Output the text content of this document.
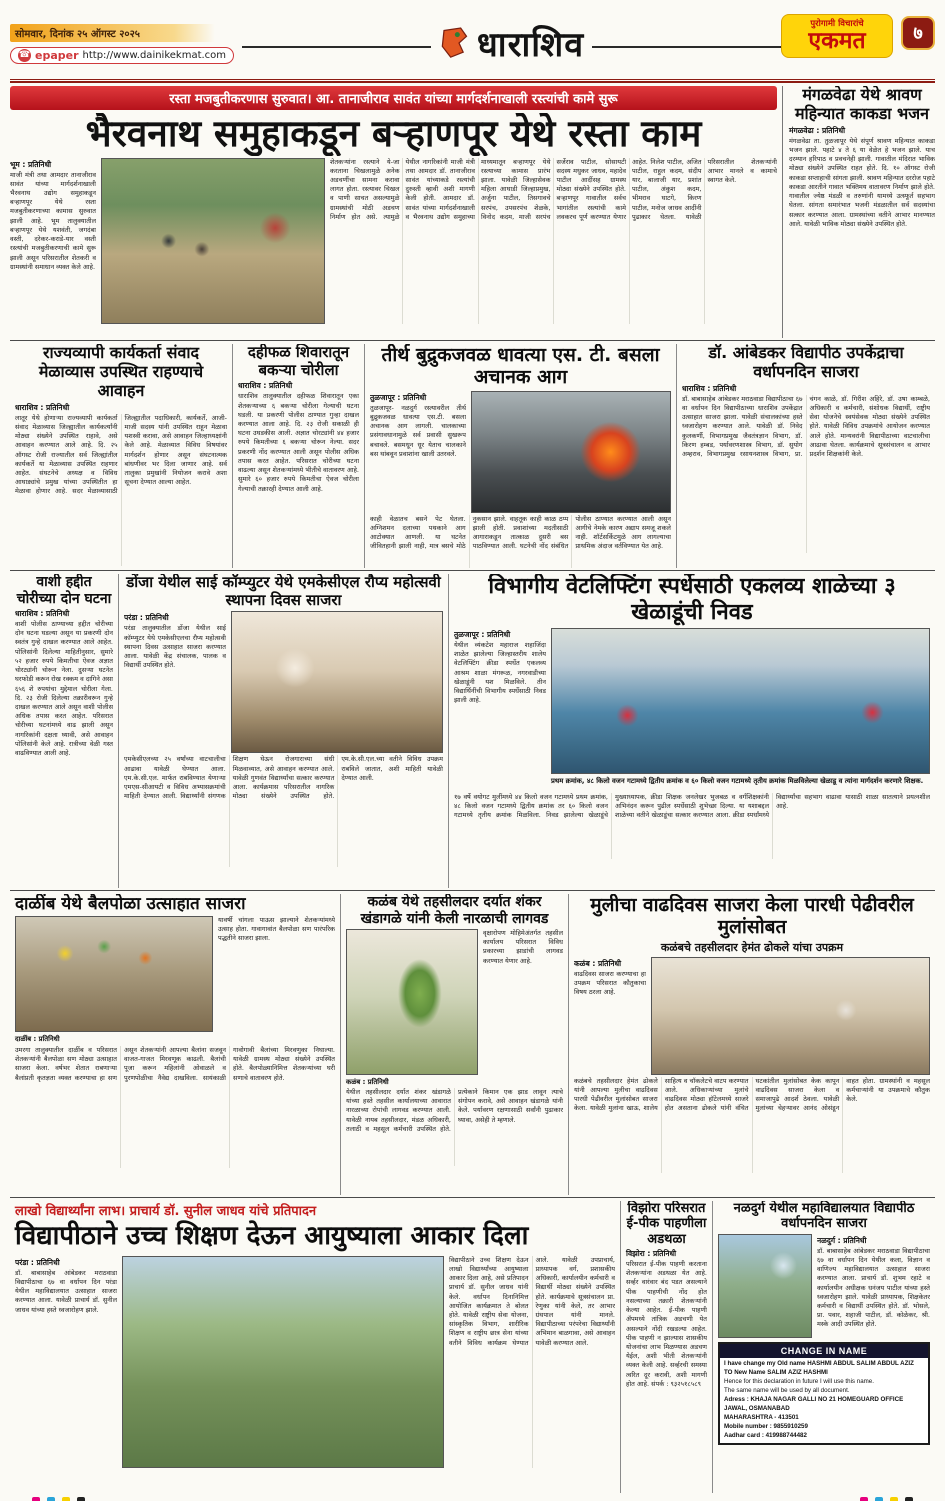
सोमवार, दिनांक २५ ऑगस्ट २०२५
☎ epaper http://www.dainikekmat.com	धाराशिव
पुरोगामी विचारांचे
एकमत	७
रस्ता मजबुतीकरणास सुरुवात। आ. तानाजीराव सावंत यांच्या मार्गदर्शनाखाली रस्त्यांची कामे सुरू
भैरवनाथ समुहाकडून बऱ्हाणपूर येथे रस्ता काम
भूम : प्रतिनिधी
माजी मंत्री तथा आमदार तानाजीराव सावंत यांच्या मार्गदर्शनाखाली भैरवनाथ उद्योग समुहाकडून बऱ्हाणपूर येथे रस्ता मजबुतीकरणाच्या कामास सुरुवात झाली आहे. भूम तालुक्यातील बऱ्हाणपूर येथे यशवंती, जगदंबा वस्ती, दरेकर-कराडे-यार वस्ती रस्त्यांची मजबुतीकरणाची कामे सुरू झाली असून परिसरातील शेतकरी व ग्रामस्थांनी समाधान व्यक्त केले आहे.
शेतकऱ्यांना रस्त्याने ये-जा करताना चिखलामुळे अनेक अडचणींचा सामना करावा लागत होता. रस्त्यावर चिखल व पाणी साचत असल्यामुळे ग्रामस्थांची मोठी अडचण निर्माण होत असे. त्यामुळे येथील नागरिकांनी माजी मंत्री तथा आमदार डॉ. तानाजीराव सावंत यांच्याकडे रस्त्यांची दुरुस्ती व्हावी अशी मागणी केली होती. आमदार डॉ. सावंत यांच्या मार्गदर्शनाखाली व भैरवनाथ उद्योग समुहाच्या माध्यमातून बऱ्हाणपूर येथे रस्त्याच्या कामास प्रारंभ झाला. यावेळी जिल्हासेवक महिला आघाडी जिल्हाप्रमुख, अर्जुना पाटील, तिसगावचे सरपंच, उपसरपंच शेळके, विनोद कदम, माजी सरपंच सर्जेराव पाटील, सोसायटी सदस्य मधुकर जाधव, महादेव पाटील आदींसह ग्रामस्थ मोठ्या संख्येने उपस्थित होते. बऱ्हाणपूर गावातील सर्वच भागांतील रस्त्यांची कामे लवकरच पूर्ण करण्यात येणार आहेत. निलेश पाटील, अजित पाटील, राहुल कदम, संदीप यार, बालाजी यार, प्रशांत पाटील, अंकुश कदम, भीमराव घाटगे, किरण पाटील, मनोज जाधव आदींनी पुढाकार घेतला. यावेळी परिसरातील शेतकऱ्यांनी आभार मानले व कामाचे स्वागत केले.
मंगळवेढा येथे श्रावण महिन्यात काकडा भजन
मंगळवेढा : प्रतिनिधी
मंगळवेढा ता. तुळजापूर येथे संपूर्ण श्रावण महिन्यात काकडा भजन झाले. पहाटे ४ ते ६ या वेळेत हे भजन झाले. याच दरम्यान हरिपाठ व प्रवचनेही झाली. गावातील मंदिरात भाविक मोठ्या संख्येने उपस्थित राहत होते. दि. १० ऑगस्ट रोजी काकडा सप्ताहाची सांगता झाली. श्रावण महिन्यात दररोज पहाटे काकडा आरतीने गावात भक्तिमय वातावरण निर्माण झाले होते. गावातील ज्येष्ठ मंडळी व तरुणांनी यामध्ये उत्स्फूर्त सहभाग घेतला. सांगता समारंभात भजनी मंडळातील सर्व सदस्यांचा सत्कार करण्यात आला. ग्रामस्थांच्या वतीने आभार मानण्यात आले. यावेळी भाविक मोठ्या संख्येने उपस्थित होते.
राज्यव्यापी कार्यकर्ता संवाद मेळाव्यास उपस्थित राहण्याचे आवाहन
धाराशिव : प्रतिनिधी
लातूर येथे होणाऱ्या राज्यव्यापी कार्यकर्ता संवाद मेळाव्यास जिल्ह्यातील कार्यकर्त्यांनी मोठ्या संख्येने उपस्थित राहावे, असे आवाहन करण्यात आले आहे. दि. २५ ऑगस्ट रोजी राज्यातील सर्व जिल्ह्यांतील कार्यकर्ते या मेळाव्यास उपस्थित राहणार आहेत. संघटनेचे अध्यक्ष व विविध आघाड्यांचे प्रमुख यांच्या उपस्थितीत हा मेळावा होणार आहे. सदर मेळाव्यासाठी जिल्ह्यातील पदाधिकारी, कार्यकर्ते, आजी-माजी सदस्य यांनी उपस्थित राहून मेळावा यशस्वी करावा, असे आवाहन जिल्हाध्यक्षांनी केले आहे. मेळाव्यात विविध विषयांवर मार्गदर्शन होणार असून संघटनात्मक बांधणीवर भर दिला जाणार आहे. सर्व तालुका प्रमुखांनी नियोजन करावे अशा सूचना देण्यात आल्या आहेत.
दहीफळ शिवारातून बकऱ्या चोरीला
धाराशिव : प्रतिनिधी
धाराशिव तालुक्यातील दहीफळ शिवारातून एका शेतकऱ्याच्या ६ बकऱ्या चोरीला गेल्याची घटना घडली. या प्रकरणी पोलीस ठाण्यात गुन्हा दाखल करण्यात आला आहे. दि. २३ रोजी सकाळी ही घटना उघडकीस आली. अज्ञात चोरट्यांनी ४४ हजार रुपये किमतीच्या ६ बकऱ्या चोरून नेल्या. सदर प्रकरणी नोंद करण्यात आली असून पोलीस अधिक तपास करत आहेत. परिसरात चोरीच्या घटना वाढल्या असून शेतकऱ्यांमध्ये भीतीचे वातावरण आहे. सुमारे ६० हजार रुपये किमतीचा ऐवज चोरीला गेल्याची तक्रारही देण्यात आली आहे.
तीर्थ बुद्रुकजवळ धावत्या एस. टी. बसला अचानक आग
तुळजापूर : प्रतिनिधी
तुळजापूर- नळदुर्ग रस्त्यावरील तीर्थ बुद्रुकजवळ धावत्या एस.टी. बसला अचानक आग लागली. चालकाच्या प्रसंगावधानामुळे सर्व प्रवासी सुखरूप बचावले. बसमधून धूर येताच चालकाने बस थांबवून प्रवाशांना खाली उतरवले.
काही वेळातच बसने पेट घेतला. अग्निशमन दलाच्या पथकाने आग आटोक्यात आणली. या घटनेत जीवितहानी झाली नाही, मात्र बसचे मोठे नुकसान झाले. वाहतूक काही काळ ठप्प झाली होती. प्रवाशांच्या मदतीसाठी आगाराकडून तात्काळ दुसरी बस पाठविण्यात आली. घटनेची नोंद संबंधित पोलीस ठाण्यात करण्यात आली असून आगीचे नेमके कारण अद्याप समजू शकले नाही. शॉर्टसर्किटमुळे आग लागल्याचा प्राथमिक अंदाज वर्तविण्यात येत आहे.
डॉ. आंबेडकर विद्यापीठ उपकेंद्राचा वर्धापनदिन साजरा
धाराशिव : प्रतिनिधी
डॉ. बाबासाहेब आंबेडकर मराठवाडा विद्यापीठाचा ६७ वा वर्धापन दिन विद्यापीठाच्या धाराशिव उपकेंद्रात उत्साहात साजरा झाला. यावेळी संचालकांच्या हस्ते ध्वजारोहण करण्यात आले. यावेळी डॉ. निवेद कुलकर्णी, विभागप्रमुख जैवतंत्रज्ञान विभाग, डॉ. किरण हम्बड, पर्यावरणशास्त्र विभाग, डॉ. सुयोग अम्हराव, विभागप्रमुख रसायनशास्त्र विभाग, प्रा. चंगन काळे, डॉ. गिरीश अहिरे, डॉ. उषा काम्बळे, अधिकारी व कर्मचारी, संशोधक विद्यार्थी, राष्ट्रीय सेवा योजनेचे स्वयंसेवक मोठ्या संख्येने उपस्थित होते. यावेळी विविध उपक्रमांचे आयोजन करण्यात आले होते. मान्यवरांनी विद्यापीठाच्या वाटचालीचा आढावा घेतला. कार्यक्रमाचे सूत्रसंचालन व आभार प्रदर्शन शिक्षकांनी केले.
वाशी हद्दीत चोरीच्या दोन घटना
धाराशिव : प्रतिनिधी
वाशी पोलीस ठाण्याच्या हद्दीत चोरीच्या दोन घटना घडल्या असून या प्रकरणी दोन स्वतंत्र गुन्हे दाखल करण्यात आले आहेत. पोलिसांनी दिलेल्या माहितीनुसार, सुमारे ५२ हजार रुपये किमतीचा ऐवज अज्ञात चोरट्यांनी चोरून नेला. दुसऱ्या घटनेत घरफोडी करून रोख रक्कम व दागिने असा ६५६ शे रुपयांचा मुद्देमाल चोरीला गेला. दि. २३ रोजी दिलेल्या तक्रारीवरून गुन्हे दाखल करण्यात आले असून वाशी पोलीस अधिक तपास करत आहेत. परिसरात चोरीच्या घटनांमध्ये वाढ झाली असून नागरिकांनी दक्षता घ्यावी, असे आवाहन पोलिसांनी केले आहे. रात्रीच्या वेळी गस्त वाढविण्यात आली आहे.
डोंजा येथील साई कॉम्प्युटर येथे एमकेसीएल रौप्य महोत्सवी स्थापना दिवस साजरा
परंडा : प्रतिनिधी
परंडा तालुक्यातील डोंजा येथील साई कॉम्प्युटर येथे एमकेसीएलचा रौप्य महोत्सवी स्थापना दिवस उत्साहात साजरा करण्यात आला. यावेळी केंद्र संचालक, पालक व विद्यार्थी उपस्थित होते.
एमकेसीएलच्या २५ वर्षांच्या वाटचालीचा आढावा यावेळी घेण्यात आला. एम.के.सी.एल. मार्फत राबविण्यात येणाऱ्या एमएस-सीआयटी व विविध अभ्यासक्रमांची माहिती देण्यात आली. विद्यार्थ्यांनी संगणक शिक्षण घेऊन रोजगाराच्या संधी मिळवाव्यात, असे आवाहन करण्यात आले. यावेळी गुणवंत विद्यार्थ्यांचा सत्कार करण्यात आला. कार्यक्रमास परिसरातील नागरिक मोठ्या संख्येने उपस्थित होते. एम.के.सी.एल.च्या वतीने विविध उपक्रम राबविले जातात, अशी माहिती यावेळी देण्यात आली.
विभागीय वेटलिफ्टिंग स्पर्धेसाठी एकलव्य शाळेच्या ३ खेळाडूंची निवड
तुळजापूर : प्रतिनिधी
येथील व्यंकटेश महाराज शहाजिंदा शाळेत झालेल्या जिल्हास्तरीय शालेय वेटलिफ्टिंग क्रीडा स्पर्धेत एकलव्य आश्रम शाळा मंगरूळ, नगरवाडीच्या खेळाडूंनी यश मिळविले. तीन विद्यार्थिनींची विभागीय स्पर्धेसाठी निवड झाली आहे.
प्रथम क्रमांक, ४८ किलो वजन गटामध्ये द्वितीय क्रमांक व ६० किलो वजन गटामध्ये तृतीय क्रमांक मिळविलेल्या खेळाडू व त्यांना मार्गदर्शन करणारे शिक्षक.
१७ वर्षे वयोगट मुलींमध्ये ४४ किलो वजन गटामध्ये प्रथम क्रमांक, ४८ किलो वजन गटामध्ये द्वितीय क्रमांक तर ६० किलो वजन गटामध्ये तृतीय क्रमांक मिळविला. निवड झालेल्या खेळाडूंचे मुख्याध्यापक, क्रीडा शिक्षक जनलेखर भुजबळ व वर्गशिक्षकांनी अभिनंदन करून पुढील स्पर्धेसाठी शुभेच्छा दिल्या. या यशाबद्दल शाळेच्या वतीने खेळाडूंचा सत्कार करण्यात आला. क्रीडा स्पर्धांमध्ये विद्यार्थ्यांचा सहभाग वाढावा यासाठी शाळा सातत्याने प्रयत्नशील आहे.
दाळींब येथे बैलपोळा उत्साहात साजरा
दाळींब : प्रतिनिधी
यावर्षी चांगला पाऊस झाल्याने शेतकऱ्यांमध्ये उत्साह होता. गावागावांत बैलपोळा सण पारंपरिक पद्धतीने साजरा झाला.
उमरगा तालुक्यातील दाळींब व परिसरात शेतकऱ्यांनी बैलपोळा सण मोठ्या उत्साहात साजरा केला. वर्षभर शेतात राबणाऱ्या बैलांप्रती कृतज्ञता व्यक्त करण्याचा हा सण असून शेतकऱ्यांनी आपल्या बैलांना सजवून वाजत-गाजत मिरवणूक काढली. बैलांची पूजा करून महिलांनी ओवाळले व पुरणपोळीचा नैवेद्य दाखविला. सायंकाळी गावोगावी बैलांच्या मिरवणुका निघाल्या. यावेळी ग्रामस्थ मोठ्या संख्येने उपस्थित होते. बैलपोळ्यानिमित्त शेतकऱ्यांच्या घरी सणाचे वातावरण होते.
कळंब येथे तहसीलदार दर्यात शंकर खंडागळे यांनी केली नारळाची लागवड
कळंब : प्रतिनिधी
वृक्षारोपण मोहिमेअंतर्गत तहसील कार्यालय परिसरात विविध प्रकारच्या झाडांची लागवड करण्यात येणार आहे.
येथील तहसीलदार दर्यात शंकर खंडागळे यांच्या हस्ते तहसील कार्यालयाच्या आवारात नारळाच्या रोपांची लागवड करण्यात आली. यावेळी नायब तहसीलदार, मंडळ अधिकारी, तलाठी व महसूल कर्मचारी उपस्थित होते. प्रत्येकाने किमान एक झाड लावून त्याचे संगोपन करावे, असे आवाहन खंडागळे यांनी केले. पर्यावरण रक्षणासाठी सर्वांनी पुढाकार घ्यावा, असेही ते म्हणाले.
मुलीचा वाढदिवस साजरा केला पारधी पेढीवरील मुलांसोबत
कळंबचे तहसीलदार हेमंत ढोकले यांचा उपक्रम
कळंब : प्रतिनिधी
वाढदिवस साजरा करण्याचा हा उपक्रम परिसरात कौतुकाचा विषय ठरला आहे.
कळंबचे तहसीलदार हेमंत ढोकले यांनी आपल्या मुलीचा वाढदिवस पारधी पेढीवरील मुलांसोबत साजरा केला. यावेळी मुलांना खाऊ, शालेय साहित्य व चॉकलेटचे वाटप करण्यात आले. अधिकाऱ्यांच्या मुलांचे वाढदिवस मोठ्या हॉटेलमध्ये साजरे होत असताना ढोकले यांनी वंचित घटकांतील मुलांसोबत केक कापून वाढदिवस साजरा केला व समाजापुढे आदर्श ठेवला. यावेळी मुलांच्या चेहऱ्यावर आनंद ओसंडून वाहत होता. ग्रामस्थांनी व महसूल कर्मचाऱ्यांनी या उपक्रमाचे कौतुक केले.
लाखो विद्यार्थ्यांना लाभ। प्राचार्य डॉ. सुनील जाधव यांचे प्रतिपादन
विद्यापीठाने उच्च शिक्षण देऊन आयुष्याला आकार दिला
परंडा : प्रतिनिधी
डॉ. बाबासाहेब आंबेडकर मराठवाडा विद्यापीठाचा ६७ वा वर्धापन दिन परंडा येथील महाविद्यालयात उत्साहात साजरा करण्यात आला. यावेळी प्राचार्य डॉ. सुनील जाधव यांच्या हस्ते ध्वजारोहण झाले.
विद्यापीठाने उच्च शिक्षण देऊन लाखो विद्यार्थ्यांच्या आयुष्याला आकार दिला आहे, असे प्रतिपादन प्राचार्य डॉ. सुनील जाधव यांनी केले. वर्धापन दिनानिमित्त आयोजित कार्यक्रमात ते बोलत होते. यावेळी राष्ट्रीय सेवा योजना, सांस्कृतिक विभाग, शारीरिक शिक्षण व राष्ट्रीय छात्र सेना यांच्या वतीने विविध कार्यक्रम घेण्यात आले. यावेळी उपप्राचार्य, प्राध्यापक वर्ग, प्रशासकीय अधिकारी, कार्यालयीन कर्मचारी व विद्यार्थी मोठ्या संख्येने उपस्थित होते. कार्यक्रमाचे सूत्रसंचालन प्रा. रेणुका यांनी केले, तर आभार ग्रंथपाल यांनी मानले. विद्यापीठाच्या परंपरेचा विद्यार्थ्यांनी अभिमान बाळगावा, असे आवाहन यावेळी करण्यात आले.
विझोरा परिसरात ई-पीक पाहणीला अडथळा
विझोरा : प्रतिनिधी
परिसरात ई-पीक पाहणी करताना शेतकऱ्यांना अडथळा येत आहे. सर्व्हर वारंवार बंद पडत असल्याने पीक पाहणीची नोंद होत नसल्याच्या तक्रारी शेतकऱ्यांनी केल्या आहेत. ई-पीक पाहणी ॲपमध्ये तांत्रिक अडचणी येत असल्याने नोंदी रखडल्या आहेत. पीक पाहणी न झाल्यास शासकीय योजनांचा लाभ मिळण्यास अडचण येईल, अशी भीती शेतकऱ्यांनी व्यक्त केली आहे. सर्व्हरची समस्या त्वरित दूर करावी, अशी मागणी होत आहे. संपर्क : ९३२५१८५८९
नळदुर्ग येथील महाविद्यालयात विद्यापीठ वर्धापनदिन साजरा
नळदुर्ग : प्रतिनिधी
डॉ. बाबासाहेब आंबेडकर मराठवाडा विद्यापीठाचा ६७ वा वर्धापन दिन येथील कला, विज्ञान व वाणिज्य महाविद्यालयात उत्साहात साजरा करण्यात आला. प्राचार्य डॉ. शुभम रहाटे व कार्यालयीन अधीक्षक धनंजय पाटील यांच्या हस्ते ध्वजारोहण झाले. यावेळी प्राध्यापक, शिक्षकेतर कर्मचारी व विद्यार्थी उपस्थित होते. डॉ. भोसले, प्रा. पवार, शहाजी पाटील, डॉ. कोळेकर, श्री. मस्के आदी उपस्थित होते.
CHANGE IN NAME
I have change my Old name HASHMI ABDUL SALIM ABDUL AZIZ TO New Name SALIM AZIZ HASHMI
Hence for this declaration in future I will use this name.
The same name will be used by all document.
Adress : KHAJA NAGAR GALLI NO 21 HOMEGUARD OFFICE JAWAL, OSMANABAD
MAHARASHTRA - 413501
Mobile number : 9855910259
Aadhar card : 419988744482
